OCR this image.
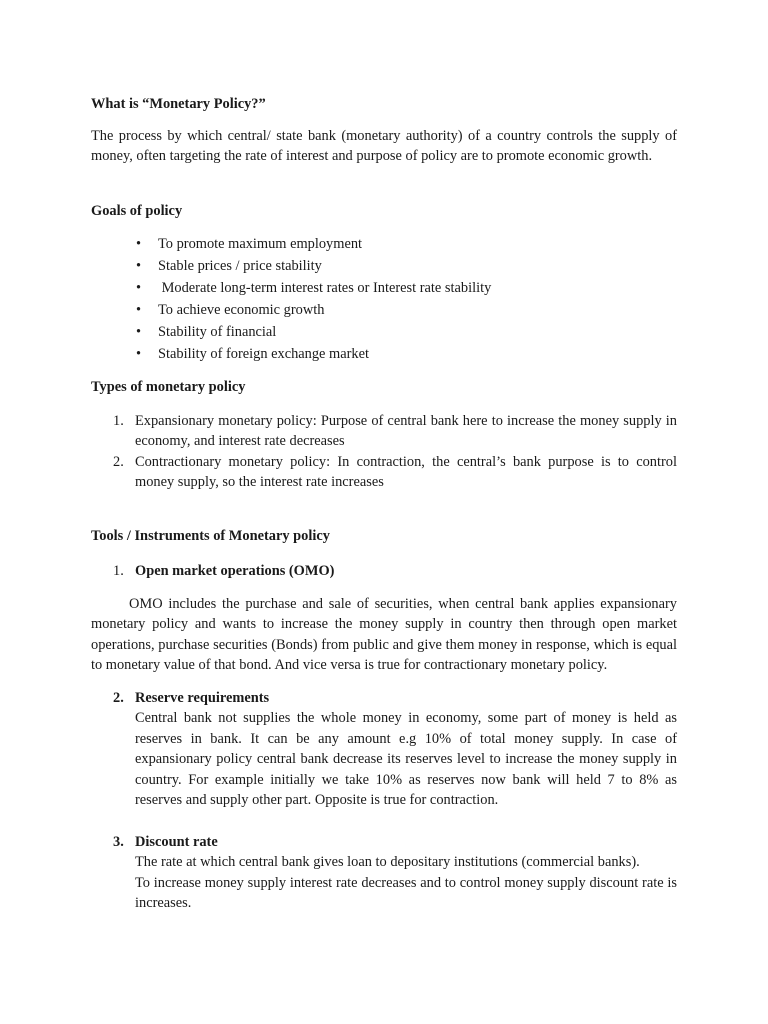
What is “Monetary Policy?”

The process by which central/ state bank (monetary authority) of a country controls the supply of money, often targeting the rate of interest and purpose of policy are to promote economic growth.

Goals of policy

• To promote maximum employment
• Stable prices / price stability
•  Moderate long-term interest rates or Interest rate stability
• To achieve economic growth
• Stability of financial
• Stability of foreign exchange market

Types of monetary policy

1. Expansionary monetary policy: Purpose of central bank here to increase the money supply in economy, and interest rate decreases
2. Contractionary monetary policy: In contraction, the central’s bank purpose is to control money supply, so the interest rate increases

Tools / Instruments of Monetary policy

1. Open market operations (OMO)

OMO includes the purchase and sale of securities, when central bank applies expansionary monetary policy and wants to increase the money supply in country then through open market operations, purchase securities (Bonds) from public and give them money in response, which is equal to monetary value of that bond. And vice versa is true for contractionary monetary policy.

2. Reserve requirements
Central bank not supplies the whole money in economy, some part of money is held as reserves in bank. It can be any amount e.g 10% of total money supply. In case of expansionary policy central bank decrease its reserves level to increase the money supply in country. For example initially we take 10% as reserves now bank will held 7 to 8% as reserves and supply other part. Opposite is true for contraction.
3. Discount rate
The rate at which central bank gives loan to depositary institutions (commercial banks).
To increase money supply interest rate decreases and to control money supply discount rate is increases.
